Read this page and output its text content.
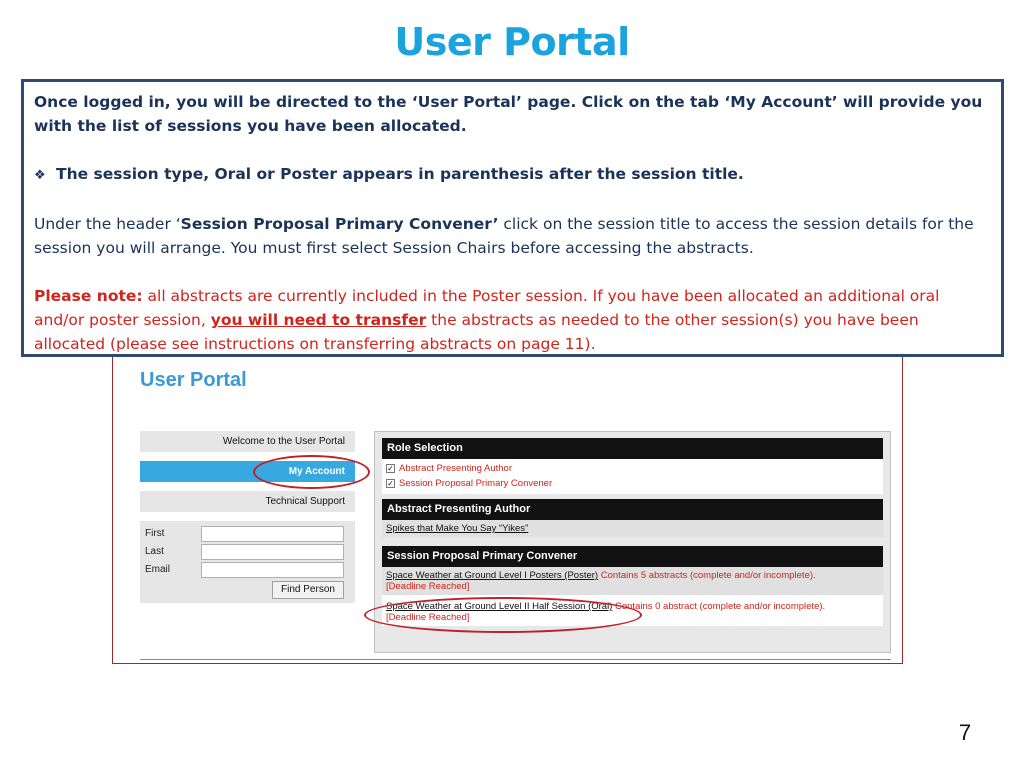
User Portal
User Portal
Welcome to the User Portal
My Account
Technical Support
First
Last
Email
Find Person
Role Selection
✓ Abstract Presenting Author
✓ Session Proposal Primary Convener
Abstract Presenting Author
Spikes that Make You Say “Yikes”
Session Proposal Primary Convener
Space Weather at Ground Level I Posters (Poster) Contains 5 abstracts (complete and/or incomplete).
[Deadline Reached]
Space Weather at Ground Level II Half Session (Oral) Contains 0 abstract (complete and/or incomplete).
[Deadline Reached]

Once logged in, you will be directed to the ‘User Portal’ page. Click on the tab ‘My Account’ will provide you with the list of sessions you have been allocated.

❖ The session type, Oral or Poster appears in parenthesis after the session title.

Under the header ‘Session Proposal Primary Convener’ click on the session title to access the session details for the session you will arrange. You must first select Session Chairs before accessing the abstracts.

Please note: all abstracts are currently included in the Poster session. If you have been allocated an additional oral and/or poster session, you will need to transfer the abstracts as needed to the other session(s) you have been allocated (please see instructions on transferring abstracts on page 11).

7
